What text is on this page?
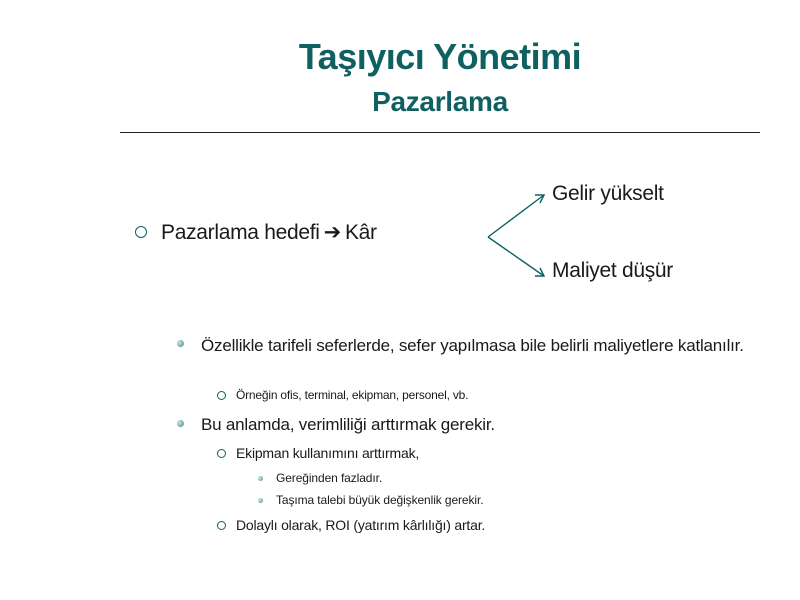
Taşıyıcı Yönetimi
Pazarlama
Pazarlama hedefi ➔ Kâr
Gelir yükselt
Maliyet düşür
Özellikle tarifeli seferlerde, sefer yapılmasa bile belirli maliyetlere katlanılır.
Örneğin ofis, terminal, ekipman, personel, vb.
Bu anlamda, verimliliği arttırmak gerekir.
Ekipman kullanımını arttırmak,
Gereğinden fazladır.
Taşıma talebi büyük değişkenlik gerekir.
Dolaylı olarak, ROI (yatırım kârlılığı) artar.
